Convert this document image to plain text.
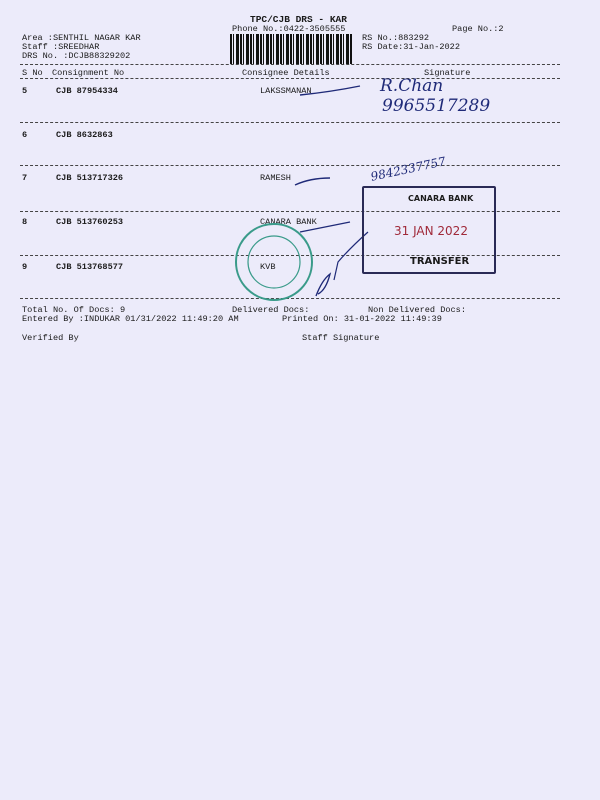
TPC/CJB DRS - KAR
Phone No.:0422-3505555	Page No.:2
Area :SENTHIL NAGAR KAR
Staff :SREEDHAR
DRS No. :DCJB88329202
RS No.:883292
RS Date:31-Jan-2022
S No Consignment No	Consignee Details	Signature
5	CJB 87954334	LAKSSMANAN
6	CJB 8632863
7	CJB 513717326	RAMESH
8	CJB 513760253	CANARA BANK
9	CJB 513768577	KVB
R.Chan
9965517289
9842337757
CANARA BANK
31 JAN 2022
TRANSFER
Total No. Of Docs: 9	Delivered Docs:	Non Delivered Docs:
Entered By :INDUKAR 01/31/2022 11:49:20 AM	Printed On: 31-01-2022 11:49:39
Verified By	Staff Signature
